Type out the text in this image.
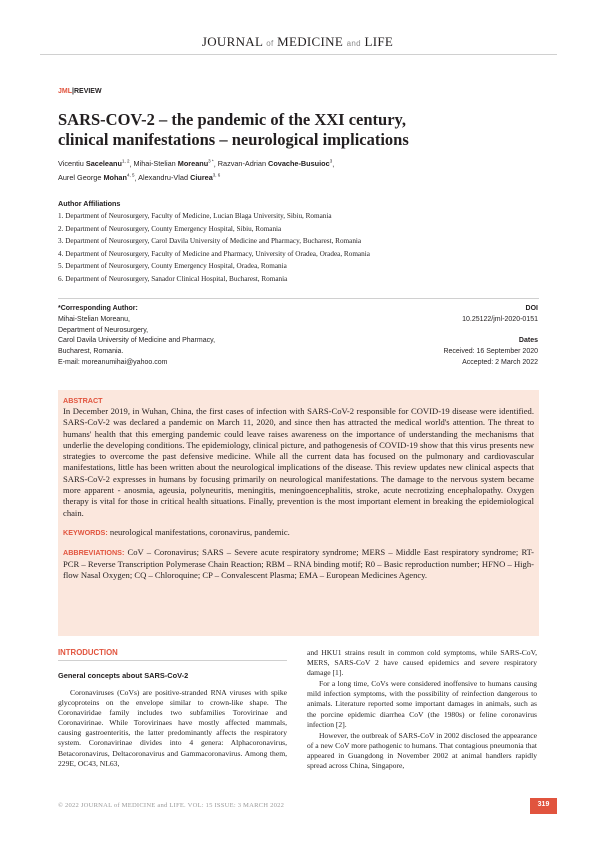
JOURNAL of MEDICINE and LIFE
JML|REVIEW
SARS-COV-2 – the pandemic of the XXI century,
clinical manifestations – neurological implications
Vicentiu Saceleanu$^{1, 2}$, Mihai-Stelian Moreanu$^{3 *}$, Razvan-Adrian Covache-Busuioc$^3$,
Aurel George Mohan$^{4, 5}$, Alexandru-Vlad Ciurea$^{3, 6}$
Author Affiliations
1. Department of Neurosurgery, Faculty of Medicine, Lucian Blaga University, Sibiu, Romania
2. Department of Neurosurgery, County Emergency Hospital, Sibiu, Romania
3. Department of Neurosurgery, Carol Davila University of Medicine and Pharmacy, Bucharest, Romania
4. Department of Neurosurgery, Faculty of Medicine and Pharmacy, University of Oradea, Oradea, Romania
5. Department of Neurosurgery, County Emergency Hospital, Oradea, Romania
6. Department of Neurosurgery, Sanador Clinical Hospital, Bucharest, Romania
*Corresponding Author:
Mihai-Stelian Moreanu,
Department of Neurosurgery,
Carol Davila University of Medicine and Pharmacy,
Bucharest, Romania.
E-mail: moreanumihai@yahoo.com
DOI
10.25122/jml-2020-0151
Dates
Received: 16 September 2020
Accepted: 2 March 2022
ABSTRACT
In December 2019, in Wuhan, China, the first cases of infection with SARS-CoV-2 responsible for COVID-19 disease were identified. SARS-CoV-2 was declared a pandemic on March 11, 2020, and since then has attracted the medical world's attention. The threat to humans' health that this emerging pandemic could leave raises awareness on the importance of understanding the mechanisms that underlie the developing conditions. The epidemiology, clinical picture, and pathogenesis of COVID-19 show that this virus presents new strategies to overcome the past defensive medicine. While all the current data has focused on the pulmonary and cardiovascular manifestations, little has been written about the neurological implications of the disease. This review updates new clinical aspects that SARS-CoV-2 expresses in humans by focusing primarily on neurological manifestations. The damage to the nervous system became more apparent - anosmia, ageusia, polyneuritis, meningitis, meningoencephalitis, stroke, acute necrotizing encephalopathy. Oxygen therapy is vital for those in critical health situations. Finally, prevention is the most important element in breaking the epidemiological chain.
KEYWORDS: neurological manifestations, coronavirus, pandemic.
ABBREVIATIONS: CoV – Coronavirus; SARS – Severe acute respiratory syndrome; MERS – Middle East respiratory syndrome; RT-PCR – Reverse Transcription Polymerase Chain Reaction; RBM – RNA binding motif; R0 – Basic reproduction number; HFNO – High-flow Nasal Oxygen; CQ – Chloroquine; CP – Convalescent Plasma; EMA – European Medicines Agency.
INTRODUCTION
General concepts about SARS-CoV-2

Coronaviruses (CoVs) are positive-stranded RNA viruses with spike glycoproteins on the envelope similar to crown-like shape. The Coronaviridae family includes two subfamilies Torovirinae and Coronavirinae. While Torovirinaes have mostly affected mammals, causing gastroenteritis, the latter predominantly affects the respiratory system. Coronavirinae divides into 4 genera: Alphacoronavirus, Betacoronavirus, Deltacoronavirus and Gammacoronavirus. Among them, 229E, OC43, NL63,

and HKU1 strains result in common cold symptoms, while SARS-CoV, MERS, SARS-CoV 2 have caused epidemics and severe respiratory damage [1].

For a long time, CoVs were considered inoffensive to humans causing mild infection symptoms, with the possibility of reinfection dangerous to animals. Literature reported some important damages in animals, such as the porcine epidemic diarrhea CoV (the 1980s) or feline coronavirus infection [2].

However, the outbreak of SARS-CoV in 2002 disclosed the appearance of a new CoV more pathogenic to humans. That contagious pneumonia that appeared in Guangdong in November 2002 at animal handlers rapidly spread across China, Singapore,

© 2022 JOURNAL of MEDICINE and LIFE. VOL: 15 ISSUE: 3 MARCH 2022	319
